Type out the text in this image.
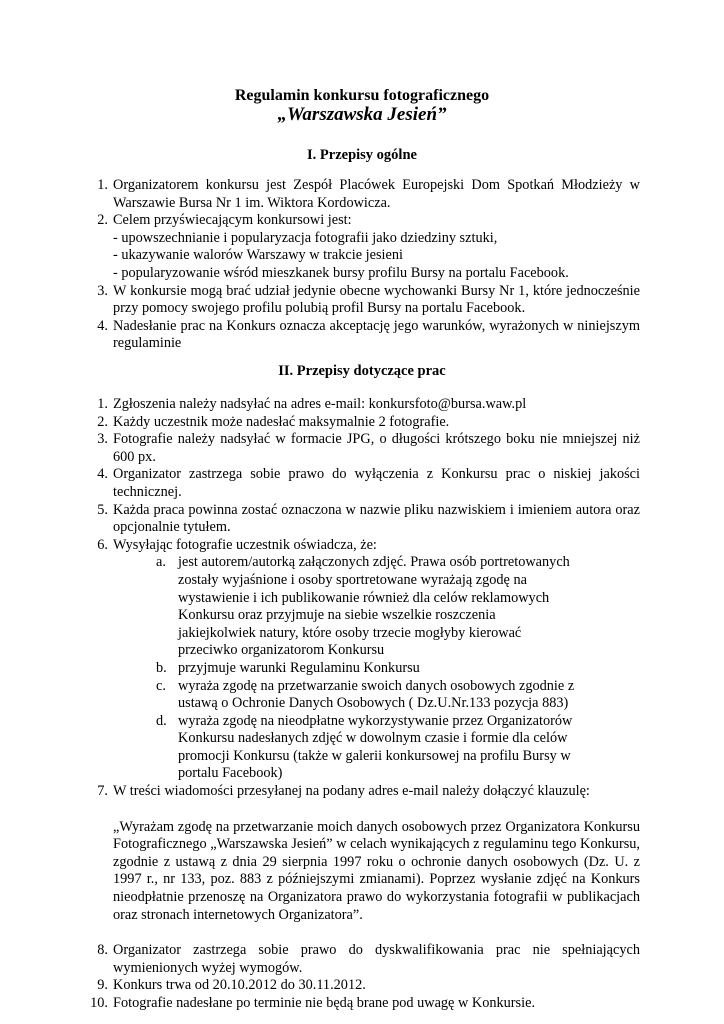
Regulamin konkursu fotograficznego
„Warszawska Jesień”
I. Przepisy ogólne
1. Organizatorem konkursu jest Zespół Placówek Europejski Dom Spotkań Młodzieży w Warszawie Bursa Nr 1 im. Wiktora Kordowicza.
2. Celem przyświecającym konkursowi jest:
- upowszechnianie i popularyzacja fotografii jako dziedziny sztuki,
- ukazywanie walorów Warszawy w trakcie jesieni
- popularyzowanie wśród mieszkanek bursy profilu Bursy na portalu Facebook.
3. W konkursie mogą brać udział jedynie obecne wychowanki Bursy Nr 1, które jednocześnie przy pomocy swojego profilu polubią profil Bursy na portalu Facebook.
4. Nadesłanie prac na Konkurs oznacza akceptację jego warunków, wyrażonych w niniejszym regulaminie
II. Przepisy dotyczące prac
1. Zgłoszenia należy nadsyłać na adres e-mail: konkursfoto@bursa.waw.pl
2. Każdy uczestnik może nadesłać maksymalnie 2 fotografie.
3. Fotografie należy nadsyłać w formacie JPG, o długości krótszego boku nie mniejszej niż 600 px.
4. Organizator zastrzega sobie prawo do wyłączenia z Konkursu prac o niskiej jakości technicznej.
5. Każda praca powinna zostać oznaczona w nazwie pliku nazwiskiem i imieniem autora oraz opcjonalnie tytułem.
6. Wysyłając fotografie uczestnik oświadcza, że:
a. jest autorem/autorką załączonych zdjęć. Prawa osób portretowanych zostały wyjaśnione i osoby sportretowane wyrażają zgodę na wystawienie i ich publikowanie również dla celów reklamowych Konkursu oraz przyjmuje na siebie wszelkie roszczenia jakiejkolwiek natury, które osoby trzecie mogłyby kierować przeciwko organizatorom Konkursu
b. przyjmuje warunki Regulaminu Konkursu
c. wyraża zgodę na przetwarzanie swoich danych osobowych zgodnie z ustawą o Ochronie Danych Osobowych ( Dz.U.Nr.133 pozycja 883)
d. wyraża zgodę na nieodpłatne wykorzystywanie przez Organizatorów Konkursu nadesłanych zdjęć w dowolnym czasie i formie dla celów promocji Konkursu (także w galerii konkursowej na profilu Bursy w portalu Facebook)
7. W treści wiadomości przesyłanej na podany adres e-mail należy dołączyć klauzulę:
„Wyrażam zgodę na przetwarzanie moich danych osobowych przez Organizatora Konkursu Fotograficznego „Warszawska Jesień” w celach wynikających z regulaminu tego Konkursu, zgodnie z ustawą z dnia 29 sierpnia 1997 roku o ochronie danych osobowych (Dz. U. z 1997 r., nr 133, poz. 883 z późniejszymi zmianami). Poprzez wysłanie zdjęć na Konkurs nieodpłatnie przenoszę na Organizatora prawo do wykorzystania fotografii w publikacjach oraz stronach internetowych Organizatora”.
8. Organizator zastrzega sobie prawo do dyskwalifikowania prac nie spełniających wymienionych wyżej wymogów.
9. Konkurs trwa od 20.10.2012 do 30.11.2012.
10. Fotografie nadesłane po terminie nie będą brane pod uwagę w Konkursie.
